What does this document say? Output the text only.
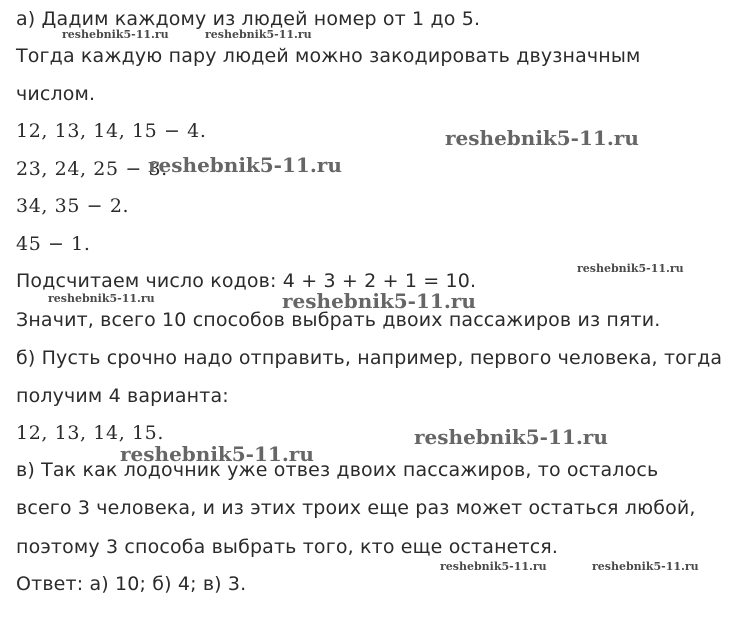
а) Дадим каждому из людей номер от 1 до 5.
Тогда каждую пару людей можно закодировать двузначным
числом.
12, 13, 14, 15 − 4.
23, 24, 25 − 3.
34, 35 − 2.
45 − 1.
Подсчитаем число кодов: 4 + 3 + 2 + 1 = 10.
Значит, всего 10 способов выбрать двоих пассажиров из пяти.
б) Пусть срочно надо отправить, например, первого человека, тогда
получим 4 варианта:
12, 13, 14, 15.
в) Так как лодочник уже отвез двоих пассажиров, то осталось
всего 3 человека, и из этих троих еще раз может остаться любой,
поэтому 3 способа выбрать того, кто еще останется.
Ответ: а) 10; б) 4; в) 3.
reshebnik5-11.ru	reshebnik5-11.ru
reshebnik5-11.ru
reshebnik5-11.ru
reshebnik5-11.ru
reshebnik5-11.ru	reshebnik5-11.ru
reshebnik5-11.ru
reshebnik5-11.ru
reshebnik5-11.ru	reshebnik5-11.ru
